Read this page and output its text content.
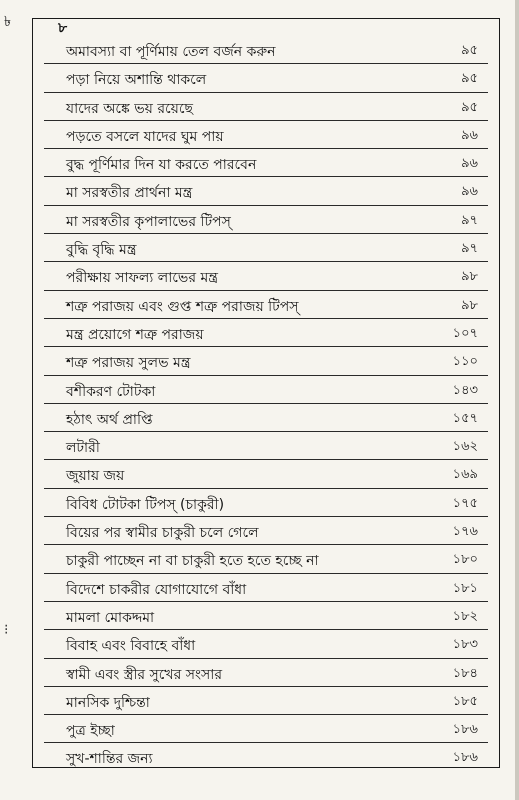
৮
অমাবস্যা বা পূর্ণিমায় তেল বর্জন করুন	৯৫
পড়া নিয়ে অশান্তি থাকলে	৯৫
যাদের অঙ্কে ভয় রয়েছে	৯৫
পড়তে বসলে যাদের ঘুম পায়	৯৬
বুদ্ধ পূর্ণিমার দিন যা করতে পারবেন	৯৬
মা সরস্বতীর প্রার্থনা মন্ত্র	৯৬
মা সরস্বতীর কৃপালাভের টিপস্	৯৭
বুদ্ধি বৃদ্ধি মন্ত্র	৯৭
পরীক্ষায় সাফল্য লাভের মন্ত্র	৯৮
শত্রু পরাজয় এবং গুপ্ত শত্রু পরাজয় টিপস্	৯৮
মন্ত্র প্রয়োগে শত্রু পরাজয়	১০৭
শত্রু পরাজয় সুলভ মন্ত্র	১১০
বশীকরণ টোটকা	১৪৩
হঠাৎ অর্থ প্রাপ্তি	১৫৭
লটারী	১৬২
জুয়ায় জয়	১৬৯
বিবিধ টোটকা টিপস্ (চাকুরী)	১৭৫
বিয়ের পর স্বামীর চাকুরী চলে গেলে	১৭৬
চাকুরী পাচ্ছেন না বা চাকুরী হতে হতে হচ্ছে না	১৮০
বিদেশে চাকরীর যোগাযোগে বাঁধা	১৮১
মামলা মোকদ্দমা	১৮২
বিবাহ এবং বিবাহে বাঁধা	১৮৩
স্বামী এবং স্ত্রীর সুখের সংসার	১৮৪
মানসিক দুশ্চিন্তা	১৮৫
পুত্র ইচ্ছা	১৮৬
সুখ-শান্তির জন্য	১৮৬
৳
⁝
